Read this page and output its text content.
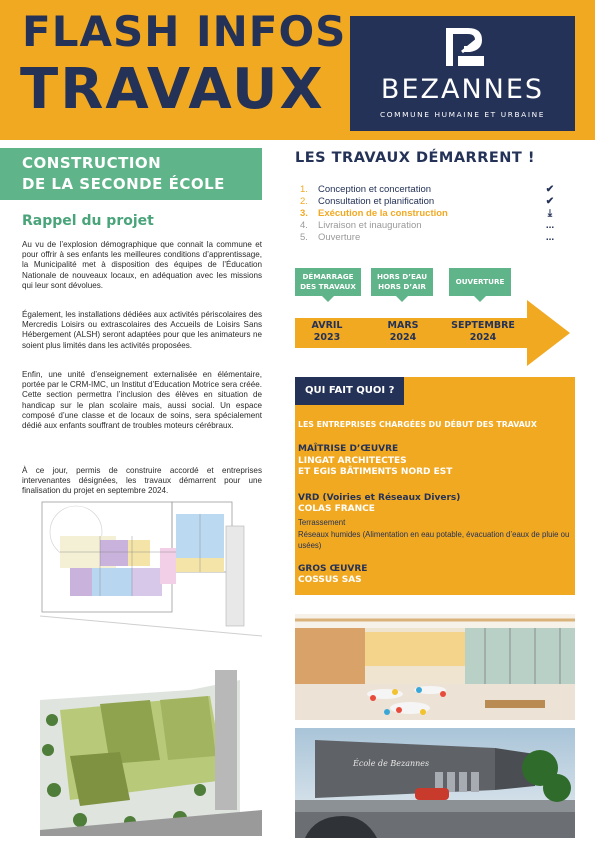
FLASH INFOS
TRAVAUX	BEZANNES
COMMUNE HUMAINE ET URBAINE
CONSTRUCTION
DE LA SECONDE ÉCOLE
Rappel du projet

Au vu de l’explosion démographique que connait la commune et pour offrir à ses enfants les meilleures conditions d’apprentissage, la Municipalité met à disposition des équipes de l’Éducation Nationale de nouveaux locaux, en adéquation avec les missions qui leur sont dévolues.

Également, les installations dédiées aux activités périscolaires des Mercredis Loisirs ou extrascolaires des Accueils de Loisirs Sans Hébergement (ALSH) seront adaptées pour que les animateurs ne soient plus limités dans les activités proposées.

Enfin, une unité d’enseignement externalisée en élémentaire, portée par le CRM-IMC, un Institut d’Education Motrice sera créée. Cette section permettra l’inclusion des élèves en situation de handicap sur le plan scolaire mais, aussi social. Un espace composé d’une classe et de locaux de soins, sera spécialement dédié aux enfants souffrant de troubles moteurs cérébraux.

À ce jour, permis de construire accordé et entreprises intervenantes désignées, les travaux démarrent pour une finalisation du projet en septembre 2024.

LES TRAVAUX DÉMARRENT !
1. Conception et concertation	✔
2. Consultation et planification	✔
3. Exécution de la construction	⤓
4. Livraison et inauguration	...
5. Ouverture	...
DÉMARRAGE
DES TRAVAUX
HORS D’EAU
HORS D’AIR
OUVERTURE
AVRIL
2023
MARS
2024
SEPTEMBRE
2024
QUI FAIT QUOI ?
LES ENTREPRISES CHARGÉES DU DÉBUT DES TRAVAUX
MAÎTRISE D’ŒUVRE
LINGAT ARCHITECTES
ET EGIS BÂTIMENTS NORD EST
VRD (Voiries et Réseaux Divers)
COLAS FRANCE
Terrassement
Réseaux humides (Alimentation en eau potable, évacuation d’eaux de pluie ou usées)
GROS ŒUVRE
COSSUS SAS
École de Bezannes
